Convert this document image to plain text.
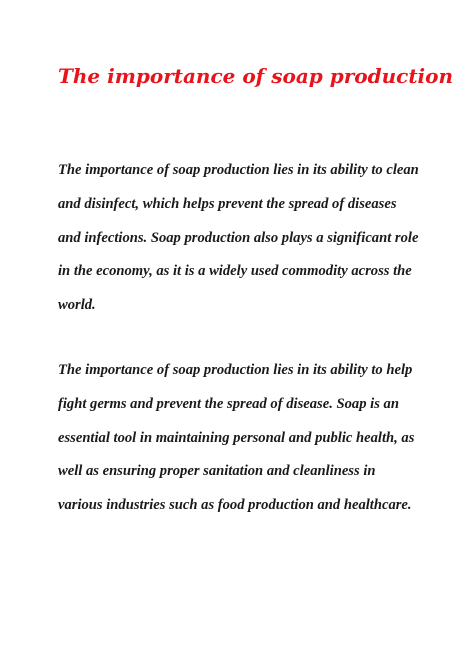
The importance of soap production

The importance of soap production lies in its ability to clean and disinfect, which helps prevent the spread of diseases and infections. Soap production also plays a significant role in the economy, as it is a widely used commodity across the world.

The importance of soap production lies in its ability to help fight germs and prevent the spread of disease. Soap is an essential tool in maintaining personal and public health, as well as ensuring proper sanitation and cleanliness in various industries such as food production and healthcare.
